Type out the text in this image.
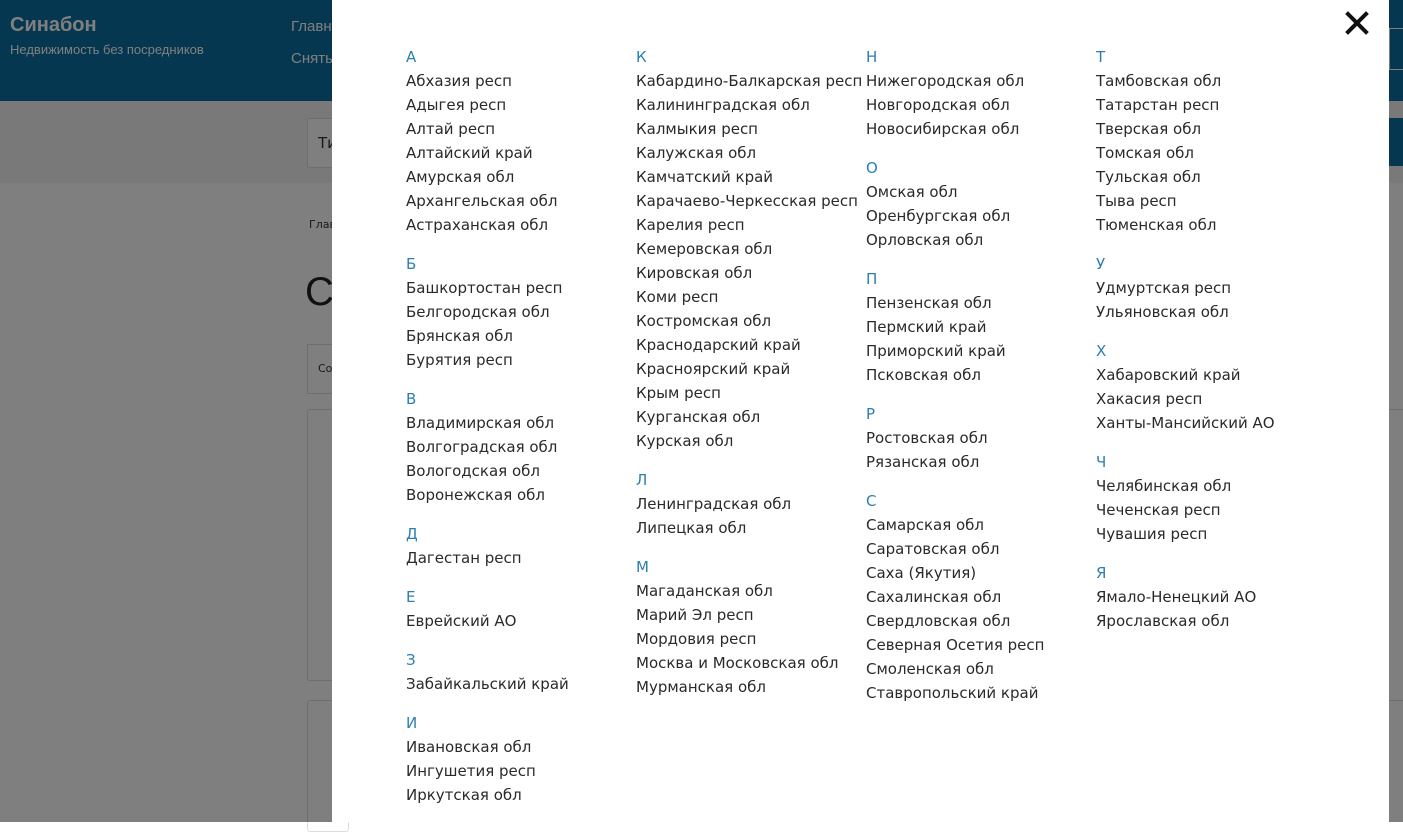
А
Абхазия респ
Адыгея респ
Алтай респ
Алтайский край
Амурская обл
Архангельская обл
Астраханская обл
Б
Башкортостан респ
Белгородская обл
Брянская обл
Бурятия респ
В
Владимирская обл
Волгоградская обл
Вологодская обл
Воронежская обл
Д
Дагестан респ
Е
Еврейский АО
З
Забайкальский край
И
Ивановская обл
Ингушетия респ
Иркутская обл
К
Кабардино-Балкарская респ
Калининградская обл
Калмыкия респ
Калужская обл
Камчатский край
Карачаево-Черкесская респ
Карелия респ
Кемеровская обл
Кировская обл
Коми респ
Костромская обл
Краснодарский край
Красноярский край
Крым респ
Курганская обл
Курская обл
Л
Ленинградская обл
Липецкая обл
М
Магаданская обл
Марий Эл респ
Мордовия респ
Москва и Московская обл
Мурманская обл
Н
Нижегородская обл
Новгородская обл
Новосибирская обл
О
Омская обл
Оренбургская обл
Орловская обл
П
Пензенская обл
Пермский край
Приморский край
Псковская обл
Р
Ростовская обл
Рязанская обл
С
Самарская обл
Саратовская обл
Саха (Якутия)
Сахалинская обл
Свердловская обл
Северная Осетия респ
Смоленская обл
Ставропольский край
Т
Тамбовская обл
Татарстан респ
Тверская обл
Томская обл
Тульская обл
Тыва респ
Тюменская обл
У
Удмуртская респ
Ульяновская обл
Х
Хабаровский край
Хакасия респ
Ханты-Мансийский АО
Ч
Челябинская обл
Чеченская респ
Чувашия респ
Я
Ямало-Ненецкий АО
Ярославская обл
